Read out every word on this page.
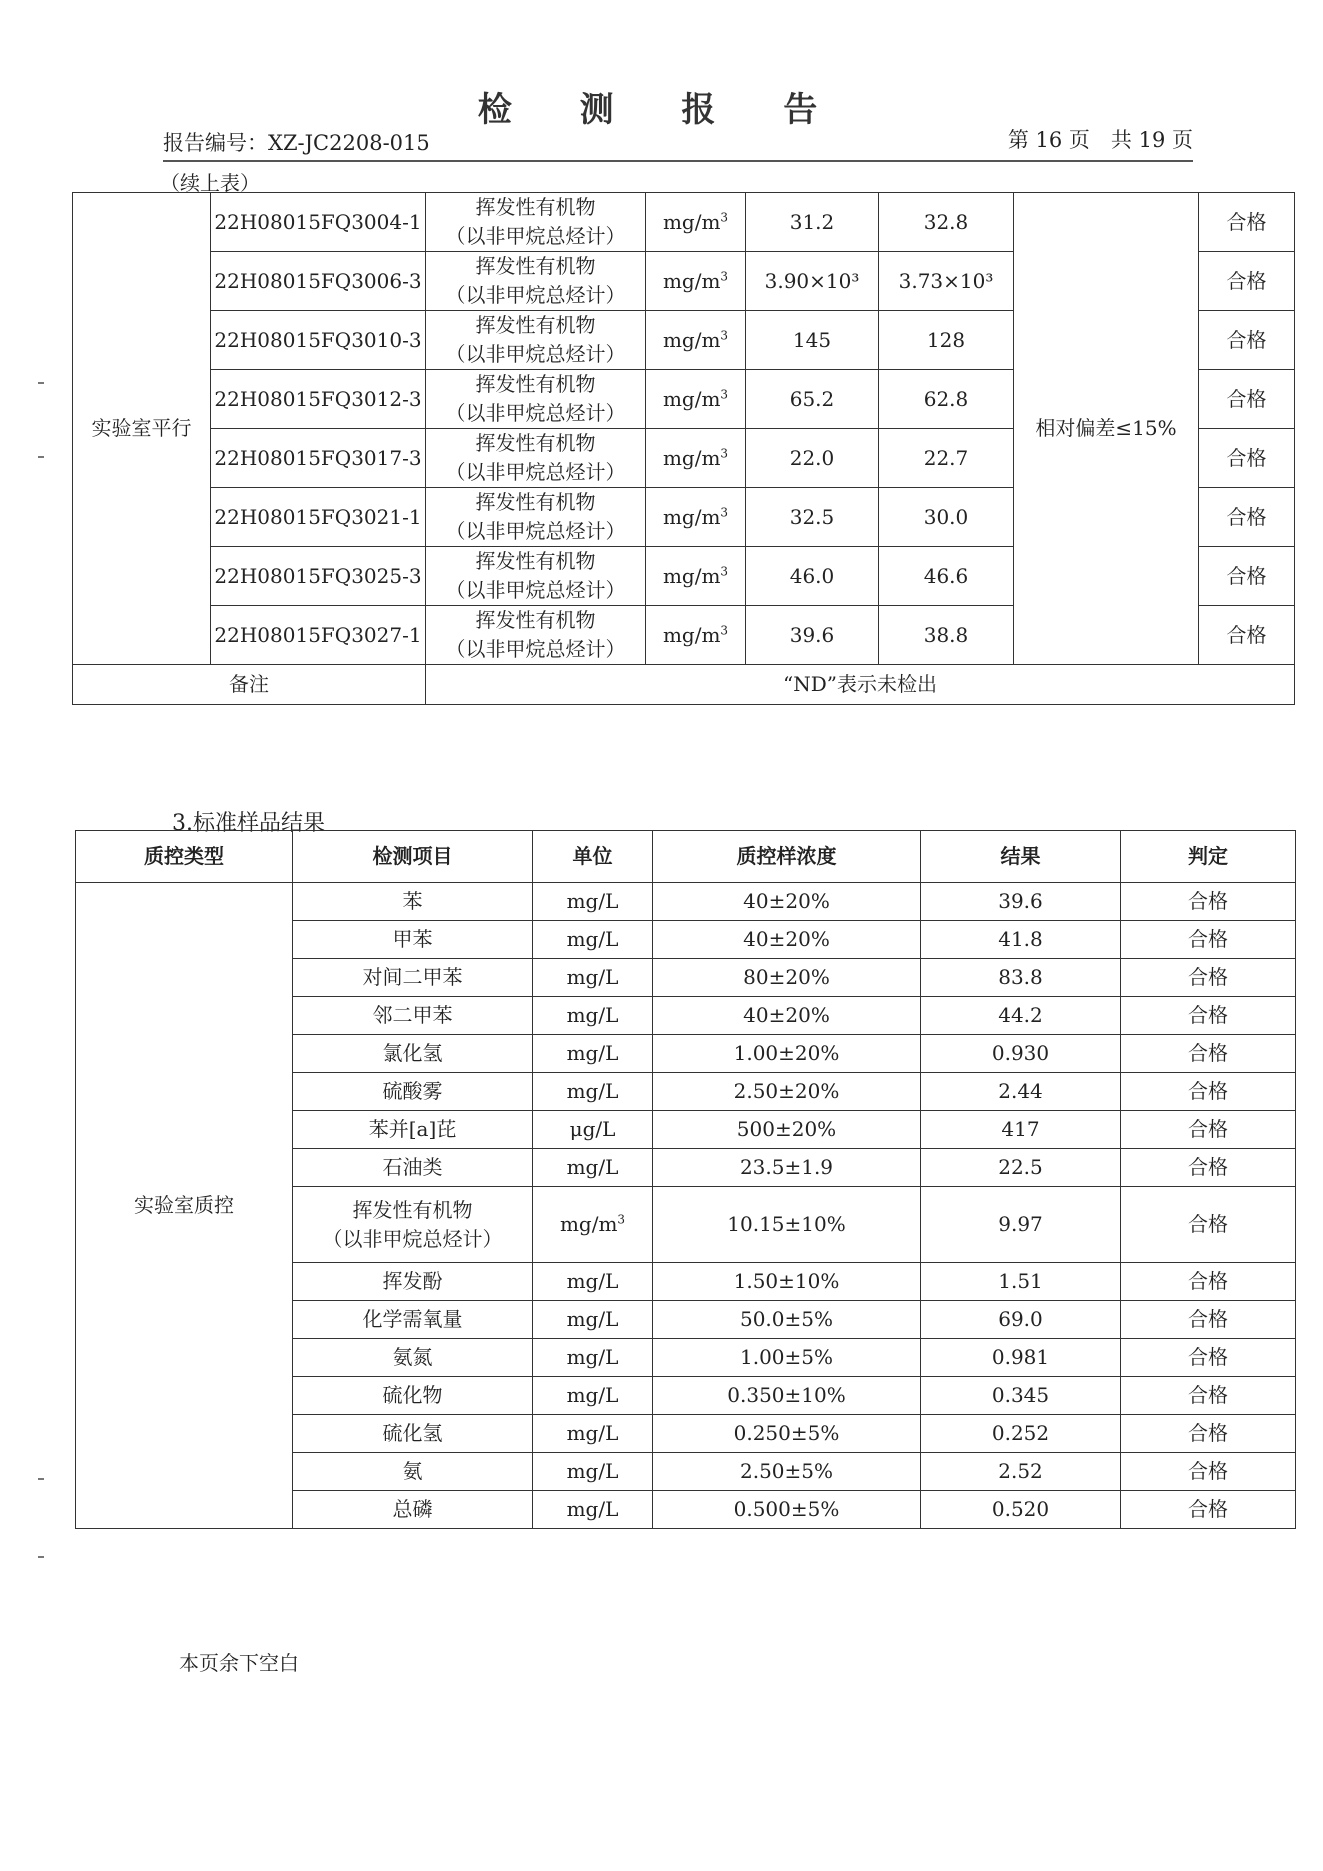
检 测 报 告
报告编号：XZ-JC2208-015	第 16 页　共 19 页
（续上表）
实验室平行	22H08015FQ3004-1	挥发性有机物
（以非甲烷总烃计）	$mg/m^3$	31.2	32.8	相对偏差≤15%	合格
	22H08015FQ3006-3	挥发性有机物
（以非甲烷总烃计）	$mg/m^3$	3.90×10³	3.73×10³		合格
	22H08015FQ3010-3	挥发性有机物
（以非甲烷总烃计）	$mg/m^3$	145	128		合格
	22H08015FQ3012-3	挥发性有机物
（以非甲烷总烃计）	$mg/m^3$	65.2	62.8		合格
	22H08015FQ3017-3	挥发性有机物
（以非甲烷总烃计）	$mg/m^3$	22.0	22.7		合格
	22H08015FQ3021-1	挥发性有机物
（以非甲烷总烃计）	$mg/m^3$	32.5	30.0		合格
	22H08015FQ3025-3	挥发性有机物
（以非甲烷总烃计）	$mg/m^3$	46.0	46.6		合格
	22H08015FQ3027-1	挥发性有机物
（以非甲烷总烃计）	$mg/m^3$	39.6	38.8		合格
备注		“ND”表示未检出					
3.标准样品结果
质控类型	检测项目	单位	质控样浓度	结果	判定
实验室质控	苯	mg/L	40±20%	39.6	合格
	甲苯	mg/L	40±20%	41.8	合格
	对间二甲苯	mg/L	80±20%	83.8	合格
	邻二甲苯	mg/L	40±20%	44.2	合格
	氯化氢	mg/L	1.00±20%	0.930	合格
	硫酸雾	mg/L	2.50±20%	2.44	合格
	苯并[a]芘	μg/L	500±20%	417	合格
	石油类	mg/L	23.5±1.9	22.5	合格
	挥发性有机物
（以非甲烷总烃计）	$mg/m^3$	10.15±10%	9.97	合格
	挥发酚	mg/L	1.50±10%	1.51	合格
	化学需氧量	mg/L	50.0±5%	69.0	合格
	氨氮	mg/L	1.00±5%	0.981	合格
	硫化物	mg/L	0.350±10%	0.345	合格
	硫化氢	mg/L	0.250±5%	0.252	合格
	氨	mg/L	2.50±5%	2.52	合格
	总磷	mg/L	0.500±5%	0.520	合格
本页余下空白
